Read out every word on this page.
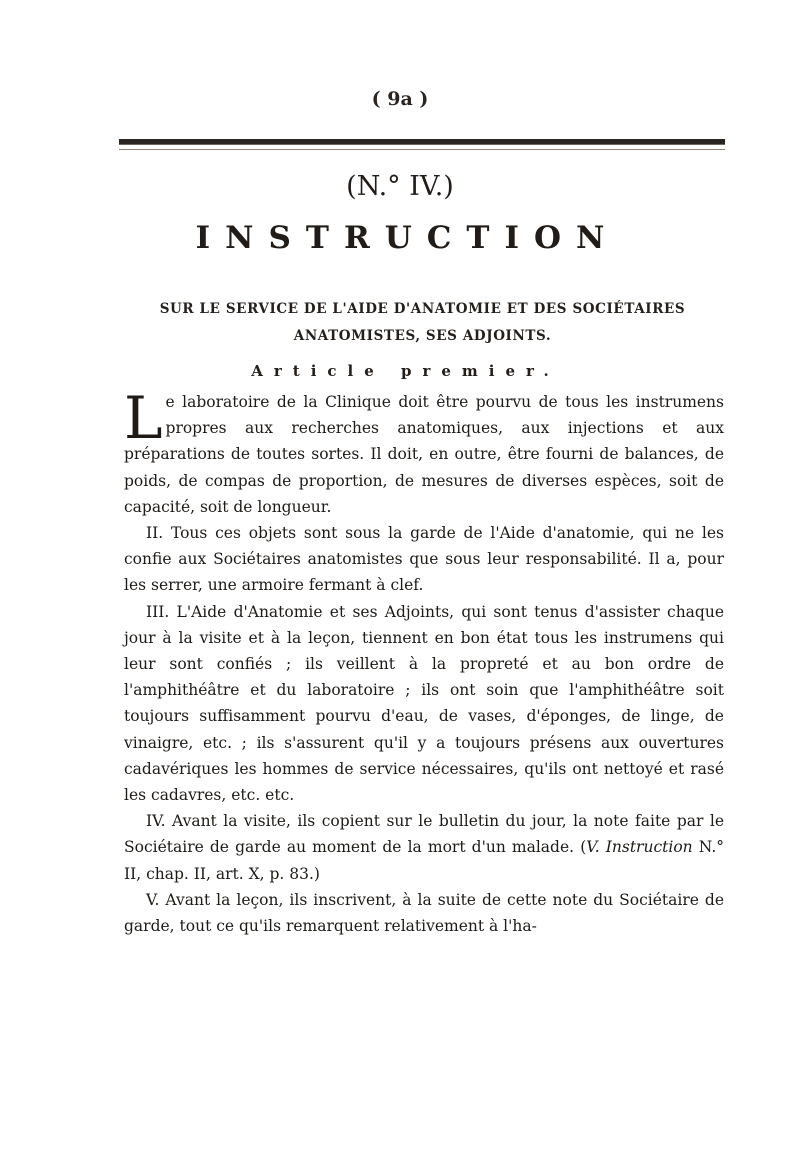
( 9a )
(N.° IV.)
INSTRUCTION
SUR LE SERVICE DE L'AIDE D'ANATOMIE ET DES SOCIÉTAIRES ANATOMISTES, SES ADJOINTS.
Article premier.

Le laboratoire de la Clinique doit être pourvu de tous les instrumens propres aux recherches anatomiques, aux injections et aux préparations de toutes sortes. Il doit, en outre, être fourni de balances, de poids, de compas de proportion, de mesures de diverses espèces, soit de capacité, soit de longueur.

II. Tous ces objets sont sous la garde de l'Aide d'anatomie, qui ne les confie aux Sociétaires anatomistes que sous leur responsabilité. Il a, pour les serrer, une armoire fermant à clef.

III. L'Aide d'Anatomie et ses Adjoints, qui sont tenus d'assister chaque jour à la visite et à la leçon, tiennent en bon état tous les instrumens qui leur sont confiés ; ils veillent à la propreté et au bon ordre de l'amphithéâtre et du laboratoire ; ils ont soin que l'amphithéâtre soit toujours suffisamment pourvu d'eau, de vases, d'éponges, de linge, de vinaigre, etc. ; ils s'assurent qu'il y a toujours présens aux ouvertures cadavériques les hommes de service nécessaires, qu'ils ont nettoyé et rasé les cadavres, etc. etc.

IV. Avant la visite, ils copient sur le bulletin du jour, la note faite par le Sociétaire de garde au moment de la mort d'un malade. (V. Instruction N.° II, chap. II, art. X, p. 83.)

V. Avant la leçon, ils inscrivent, à la suite de cette note du Sociétaire de garde, tout ce qu'ils remarquent relativement à l'ha-
